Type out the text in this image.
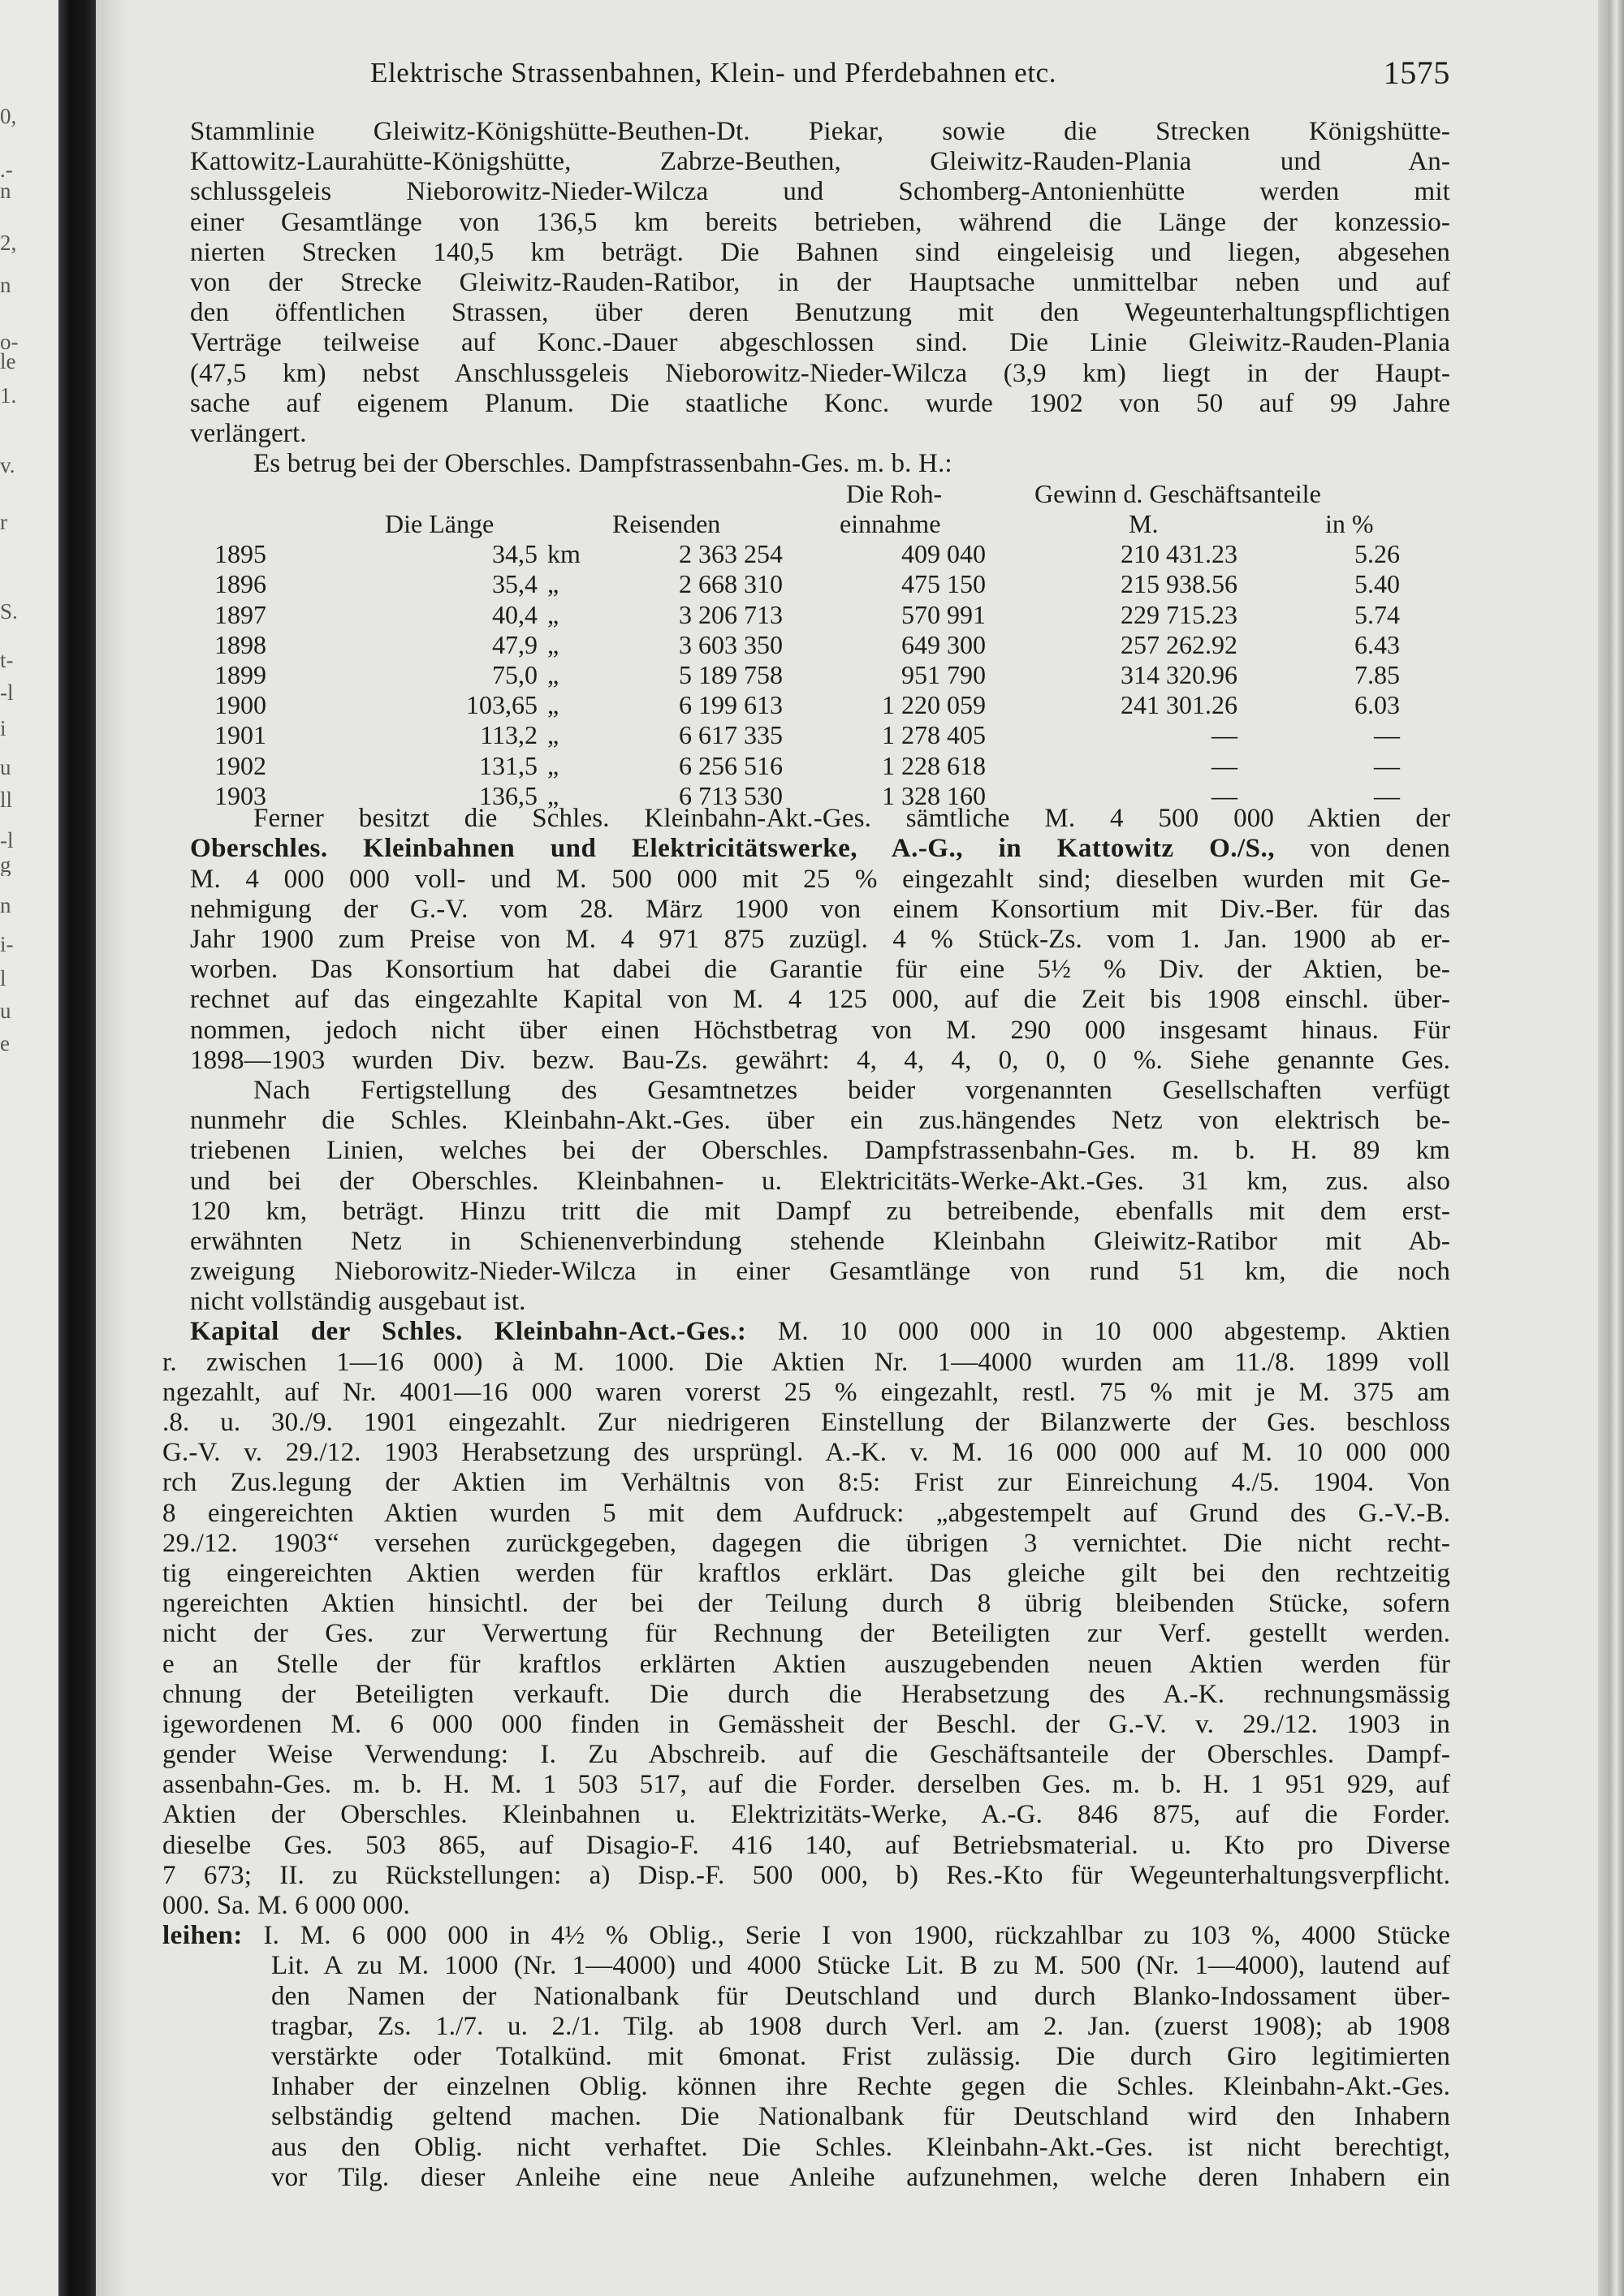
Elektrische Strassenbahnen, Klein- und Pferdebahnen etc.	1575
Stammlinie Gleiwitz-Königshütte-Beuthen-Dt. Piekar, sowie die Strecken Königshütte-
Kattowitz-Laurahütte-Königshütte, Zabrze-Beuthen, Gleiwitz-Rauden-Plania und An-
schlussgeleis Nieborowitz-Nieder-Wilcza und Schomberg-Antonienhütte werden mit
einer Gesamtlänge von 136,5 km bereits betrieben, während die Länge der konzessio-
nierten Strecken 140,5 km beträgt. Die Bahnen sind eingeleisig und liegen, abgesehen
von der Strecke Gleiwitz-Rauden-Ratibor, in der Hauptsache unmittelbar neben und auf
den öffentlichen Strassen, über deren Benutzung mit den Wegeunterhaltungspflichtigen
Verträge teilweise auf Konc.-Dauer abgeschlossen sind. Die Linie Gleiwitz-Rauden-Plania
(47,5 km) nebst Anschlussgeleis Nieborowitz-Nieder-Wilcza (3,9 km) liegt in der Haupt-
sache auf eigenem Planum. Die staatliche Konc. wurde 1902 von 50 auf 99 Jahre
verlängert.
Es betrug bei der Oberschles. Dampfstrassenbahn-Ges. m. b. H.:
Die Roh-	Gewinn d. Geschäftsanteile
Die Länge	Reisenden	einnahme	M.	in %
1895	34,5 km	2 363 254	409 040	210 431.23	5.26
1896	35,4 „	2 668 310	475 150	215 938.56	5.40
1897	40,4 „	3 206 713	570 991	229 715.23	5.74
1898	47,9 „	3 603 350	649 300	257 262.92	6.43
1899	75,0 „	5 189 758	951 790	314 320.96	7.85
1900	103,65 „	6 199 613	1 220 059	241 301.26	6.03
1901	113,2 „	6 617 335	1 278 405	—	—
1902	131,5 „	6 256 516	1 228 618	—	—
1903	136,5 „	6 713 530	1 328 160	—	—
Ferner besitzt die Schles. Kleinbahn-Akt.-Ges. sämtliche M. 4 500 000 Aktien der
Oberschles. Kleinbahnen und Elektricitätswerke, A.-G., in Kattowitz O./S., von denen
M. 4 000 000 voll- und M. 500 000 mit 25 % eingezahlt sind; dieselben wurden mit Ge-
nehmigung der G.-V. vom 28. März 1900 von einem Konsortium mit Div.-Ber. für das
Jahr 1900 zum Preise von M. 4 971 875 zuzügl. 4 % Stück-Zs. vom 1. Jan. 1900 ab er-
worben. Das Konsortium hat dabei die Garantie für eine 5½ % Div. der Aktien, be-
rechnet auf das eingezahlte Kapital von M. 4 125 000, auf die Zeit bis 1908 einschl. über-
nommen, jedoch nicht über einen Höchstbetrag von M. 290 000 insgesamt hinaus. Für
1898—1903 wurden Div. bezw. Bau-Zs. gewährt: 4, 4, 4, 0, 0, 0 %. Siehe genannte Ges.
Nach Fertigstellung des Gesamtnetzes beider vorgenannten Gesellschaften verfügt
nunmehr die Schles. Kleinbahn-Akt.-Ges. über ein zus.hängendes Netz von elektrisch be-
triebenen Linien, welches bei der Oberschles. Dampfstrassenbahn-Ges. m. b. H. 89 km
und bei der Oberschles. Kleinbahnen- u. Elektricitäts-Werke-Akt.-Ges. 31 km, zus. also
120 km, beträgt. Hinzu tritt die mit Dampf zu betreibende, ebenfalls mit dem erst-
erwähnten Netz in Schienenverbindung stehende Kleinbahn Gleiwitz-Ratibor mit Ab-
zweigung Nieborowitz-Nieder-Wilcza in einer Gesamtlänge von rund 51 km, die noch
nicht vollständig ausgebaut ist.
Kapital der Schles. Kleinbahn-Act.-Ges.: M. 10 000 000 in 10 000 abgestemp. Aktien
r. zwischen 1—16 000) à M. 1000. Die Aktien Nr. 1—4000 wurden am 11./8. 1899 voll
ngezahlt, auf Nr. 4001—16 000 waren vorerst 25 % eingezahlt, restl. 75 % mit je M. 375 am
.8. u. 30./9. 1901 eingezahlt. Zur niedrigeren Einstellung der Bilanzwerte der Ges. beschloss
G.-V. v. 29./12. 1903 Herabsetzung des ursprüngl. A.-K. v. M. 16 000 000 auf M. 10 000 000
rch Zus.legung der Aktien im Verhältnis von 8:5: Frist zur Einreichung 4./5. 1904. Von
8 eingereichten Aktien wurden 5 mit dem Aufdruck: „abgestempelt auf Grund des G.-V.-B.
29./12. 1903“ versehen zurückgegeben, dagegen die übrigen 3 vernichtet. Die nicht recht-
tig eingereichten Aktien werden für kraftlos erklärt. Das gleiche gilt bei den rechtzeitig
ngereichten Aktien hinsichtl. der bei der Teilung durch 8 übrig bleibenden Stücke, sofern
nicht der Ges. zur Verwertung für Rechnung der Beteiligten zur Verf. gestellt werden.
e an Stelle der für kraftlos erklärten Aktien auszugebenden neuen Aktien werden für
chnung der Beteiligten verkauft. Die durch die Herabsetzung des A.-K. rechnungsmässig
igewordenen M. 6 000 000 finden in Gemässheit der Beschl. der G.-V. v. 29./12. 1903 in
gender Weise Verwendung: I. Zu Abschreib. auf die Geschäftsanteile der Oberschles. Dampf-
assenbahn-Ges. m. b. H. M. 1 503 517, auf die Forder. derselben Ges. m. b. H. 1 951 929, auf
Aktien der Oberschles. Kleinbahnen u. Elektrizitäts-Werke, A.-G. 846 875, auf die Forder.
dieselbe Ges. 503 865, auf Disagio-F. 416 140, auf Betriebsmaterial. u. Kto pro Diverse
7 673; II. zu Rückstellungen: a) Disp.-F. 500 000, b) Res.-Kto für Wegeunterhaltungsverpflicht.
000. Sa. M. 6 000 000.
leihen: I. M. 6 000 000 in 4½ % Oblig., Serie I von 1900, rückzahlbar zu 103 %, 4000 Stücke
Lit. A zu M. 1000 (Nr. 1—4000) und 4000 Stücke Lit. B zu M. 500 (Nr. 1—4000), lautend auf
den Namen der Nationalbank für Deutschland und durch Blanko-Indossament über-
tragbar, Zs. 1./7. u. 2./1. Tilg. ab 1908 durch Verl. am 2. Jan. (zuerst 1908); ab 1908
verstärkte oder Totalkünd. mit 6monat. Frist zulässig. Die durch Giro legitimierten
Inhaber der einzelnen Oblig. können ihre Rechte gegen die Schles. Kleinbahn-Akt.-Ges.
selbständig geltend machen. Die Nationalbank für Deutschland wird den Inhabern
aus den Oblig. nicht verhaftet. Die Schles. Kleinbahn-Akt.-Ges. ist nicht berechtigt,
vor Tilg. dieser Anleihe eine neue Anleihe aufzunehmen, welche deren Inhabern ein
0,
.-
n
2,
n
o-
le
1.
v.
r
S.
t-
-l
i
u
ll
-l
g
n
i-
l
u
e
